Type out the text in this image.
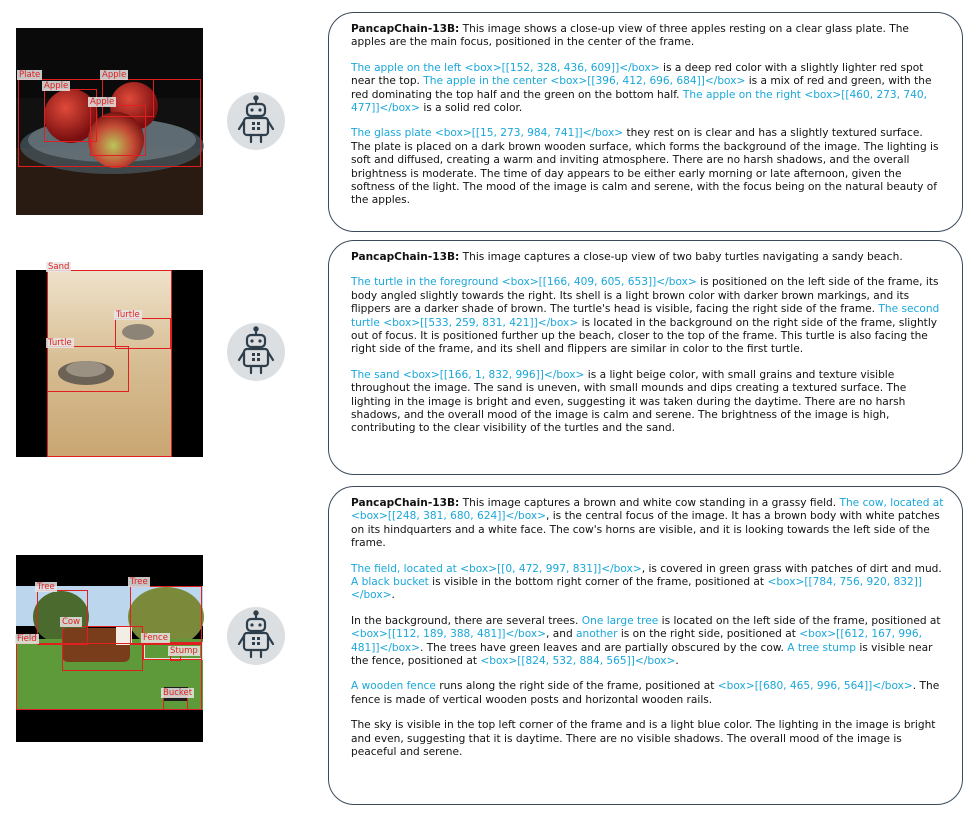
Plate
Apple
Apple
Apple

PancapChain-13B: This image shows a close-up view of three apples resting on a clear glass plate. The apples are the main focus, positioned in the center of the frame.

The apple on the left <box>[[152, 328, 436, 609]]</box> is a deep red color with a slightly lighter red spot near the top. The apple in the center <box>[[396, 412, 696, 684]]</box> is a mix of red and green, with the red dominating the top half and the green on the bottom half. The apple on the right <box>[[460, 273, 740, 477]]</box> is a solid red color.

The glass plate <box>[[15, 273, 984, 741]]</box> they rest on is clear and has a slightly textured surface. The plate is placed on a dark brown wooden surface, which forms the background of the image. The lighting is soft and diffused, creating a warm and inviting atmosphere. There are no harsh shadows, and the overall brightness is moderate. The time of day appears to be either early morning or late afternoon, given the softness of the light. The mood of the image is calm and serene, with the focus being on the natural beauty of the apples.

Sand
Turtle
Turtle

PancapChain-13B: This image captures a close-up view of two baby turtles navigating a sandy beach.

The turtle in the foreground <box>[[166, 409, 605, 653]]</box> is positioned on the left side of the frame, its body angled slightly towards the right. Its shell is a light brown color with darker brown markings, and its flippers are a darker shade of brown. The turtle's head is visible, facing the right side of the frame. The second turtle <box>[[533, 259, 831, 421]]</box> is located in the background on the right side of the frame, slightly out of focus. It is positioned further up the beach, closer to the top of the frame. This turtle is also facing the right side of the frame, and its shell and flippers are similar in color to the first turtle.

The sand <box>[[166, 1, 832, 996]]</box> is a light beige color, with small grains and texture visible throughout the image. The sand is uneven, with small mounds and dips creating a textured surface. The lighting in the image is bright and even, suggesting it was taken during the daytime. There are no harsh shadows, and the overall mood of the image is calm and serene. The brightness of the image is high, contributing to the clear visibility of the turtles and the sand.

Tree	Tree
Field
Cow
Fence
Stump
Bucket

PancapChain-13B: This image captures a brown and white cow standing in a grassy field. The cow, located at <box>[[248, 381, 680, 624]]</box>, is the central focus of the image. It has a brown body with white patches on its hindquarters and a white face. The cow's horns are visible, and it is looking towards the left side of the frame.

The field, located at <box>[[0, 472, 997, 831]]</box>, is covered in green grass with patches of dirt and mud. A black bucket is visible in the bottom right corner of the frame, positioned at <box>[[784, 756, 920, 832]]</box>.

In the background, there are several trees. One large tree is located on the left side of the frame, positioned at <box>[[112, 189, 388, 481]]</box>, and another is on the right side, positioned at <box>[[612, 167, 996, 481]]</box>. The trees have green leaves and are partially obscured by the cow. A tree stump is visible near the fence, positioned at <box>[[824, 532, 884, 565]]</box>.

A wooden fence runs along the right side of the frame, positioned at <box>[[680, 465, 996, 564]]</box>. The fence is made of vertical wooden posts and horizontal wooden rails.

The sky is visible in the top left corner of the frame and is a light blue color. The lighting in the image is bright and even, suggesting that it is daytime. There are no visible shadows. The overall mood of the image is peaceful and serene.
